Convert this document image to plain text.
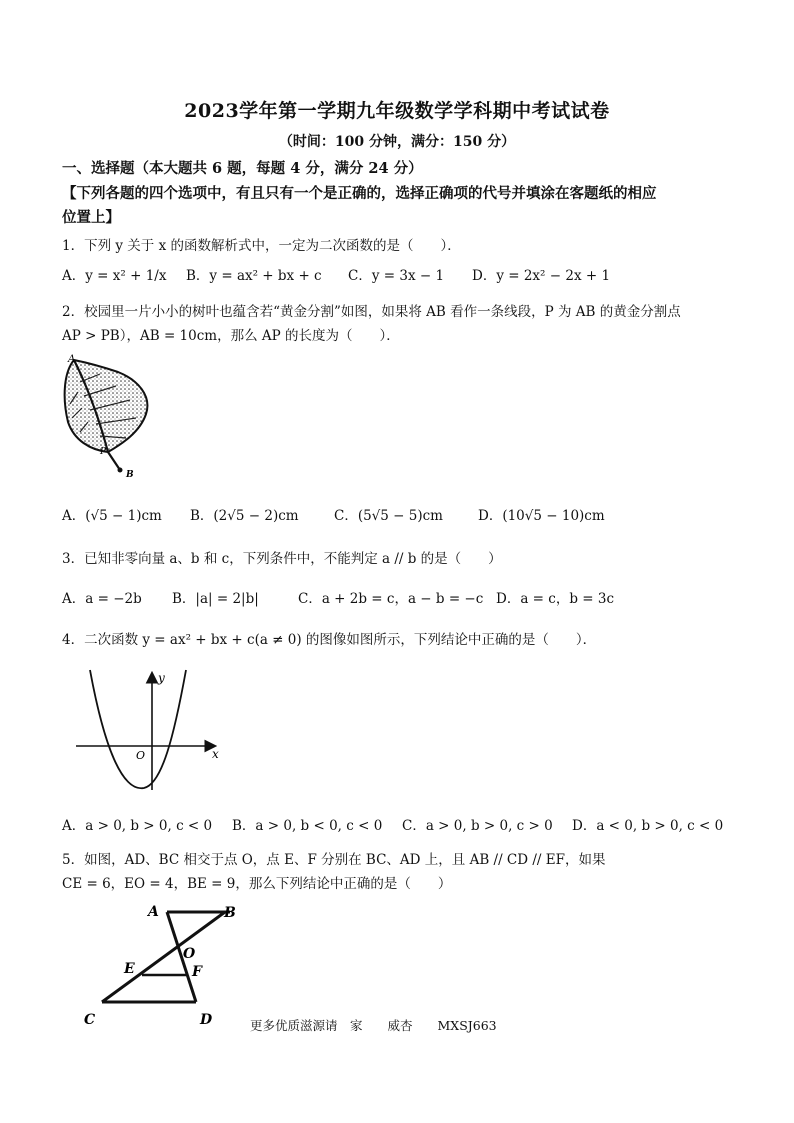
2023学年第一学期九年级数学学科期中考试试卷
（时间：100 分钟，满分：150 分）
一、选择题（本大题共 6 题，每题 4 分，满分 24 分）
【下列各题的四个选项中，有且只有一个是正确的，选择正确项的代号并填涂在客题纸的相应
位置上】
1．下列 y 关于 x 的函数解析式中，一定为二次函数的是（　　）．
A．y = x² + 1/x B．y = ax² + bx + c C．y = 3x − 1 D．y = 2x² − 2x + 1
2．校园里一片小小的树叶也蕴含若“黄金分割”如图，如果将 AB 看作一条线段，P 为 AB 的黄金分割点
AP > PB），AB = 10cm，那么 AP 的长度为（　　）．
A
P
B
A．(√5 − 1)cm B．(2√5 − 2)cm	C．(5√5 − 5)cm	D．(10√5 − 10)cm
3．已知非零向量 a、b 和 c，下列条件中，不能判定 a // b 的是（　　）
A．a = −2b B．|a| = 2|b|	C．a + 2b = c，a − b = −c D．a = c，b = 3c
4．二次函数 y = ax² + bx + c(a ≠ 0) 的图像如图所示，下列结论中正确的是（　　）．
y
O	x
A．a > 0, b > 0, c < 0 B．a > 0, b < 0, c < 0 C．a > 0, b > 0, c > 0 D．a < 0, b > 0, c < 0
5．如图，AD、BC 相交于点 O，点 E、F 分别在 BC、AD 上，且 AB // CD // EF，如果
CE = 6，EO = 4，BE = 9，那么下列结论中正确的是（　　）
A	B
O
E	F
C	D	更多优质滋源请　家　　威杏　　MXSJ663
